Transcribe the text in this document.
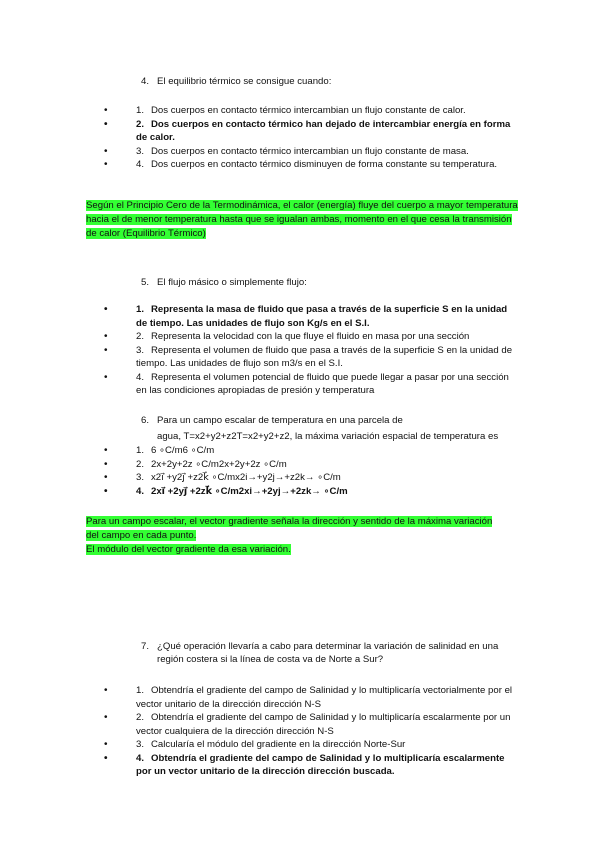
4. El equilibrio térmico se consigue cuando:
• 1. Dos cuerpos en contacto térmico intercambian un flujo constante de calor.
• 2. Dos cuerpos en contacto térmico han dejado de intercambiar energía en forma de calor.
• 3. Dos cuerpos en contacto térmico intercambian un flujo constante de masa.
• 4. Dos cuerpos en contacto térmico disminuyen de forma constante su temperatura.
Según el Principio Cero de la Termodinámica, el calor (energía) fluye del cuerpo a mayor temperatura hacia el de menor temperatura hasta que se igualan ambas, momento en el que cesa la transmisión de calor (Equilibrio Térmico)
5. El flujo másico o simplemente flujo:
• 1. Representa la masa de fluido que pasa a través de la superficie S en la unidad de tiempo. Las unidades de flujo son Kg/s en el S.I.
• 2. Representa la velocidad con la que fluye el fluido en masa por una sección
• 3. Representa el volumen de fluido que pasa a través de la superficie S en la unidad de tiempo. Las unidades de flujo son m3/s en el S.I.
• 4. Representa el volumen potencial de fluido que puede llegar a pasar por una sección en las condiciones apropiadas de presión y temperatura
6. Para un campo escalar de temperatura en una parcela de
agua, T=x2+y2+z2T=x2+y2+z2, la máxima variación espacial de temperatura es
• 1. 6 ∘C/m6 ∘C/m
• 2. 2x+2y+2z ∘C/m2x+2y+2z ∘C/m
• 3. x2i⃗ +y2j⃗ +z2k⃗ ∘C/mx2i→+y2j→+z2k→ ∘C/m
• 4. 2xi⃗ +2yj⃗ +2zk⃗ ∘C/m2xi→+2yj→+2zk→ ∘C/m
Para un campo escalar, el vector gradiente señala la dirección y sentido de la máxima variación
del campo en cada punto.
El módulo del vector gradiente da esa variación.
7. ¿Qué operación llevaría a cabo para determinar la variación de salinidad en una región costera si la línea de costa va de Norte a Sur?
• 1. Obtendría el gradiente del campo de Salinidad y lo multiplicaría vectorialmente por el vector unitario de la dirección dirección N-S
• 2. Obtendría el gradiente del campo de Salinidad y lo multiplicaría escalarmente por un vector cualquiera de la dirección dirección N-S
• 3. Calcularía el módulo del gradiente en la dirección Norte-Sur
• 4. Obtendría el gradiente del campo de Salinidad y lo multiplicaría escalarmente por un vector unitario de la dirección dirección buscada.
